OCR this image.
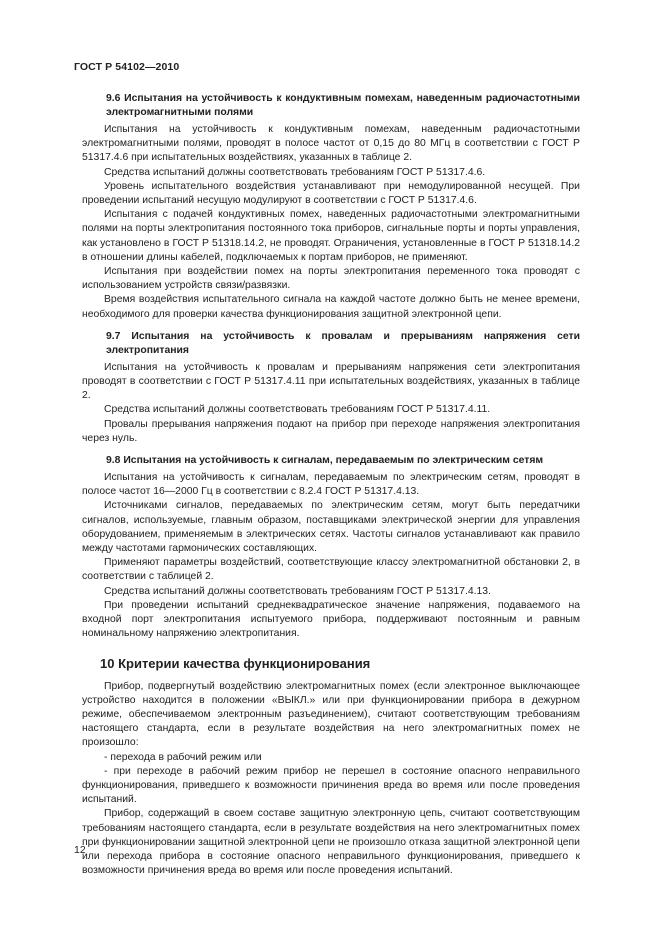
ГОСТ Р 54102—2010
9.6 Испытания на устойчивость к кондуктивным помехам, наведенным радиочастотными электромагнитными полями

Испытания на устойчивость к кондуктивным помехам, наведенным радиочастотными электромагнитными полями, проводят в полосе частот от 0,15 до 80 МГц в соответствии с ГОСТ Р 51317.4.6 при испытательных воздействиях, указанных в таблице 2.

Средства испытаний должны соответствовать требованиям ГОСТ Р 51317.4.6.

Уровень испытательного воздействия устанавливают при немодулированной несущей. При проведении испытаний несущую модулируют в соответствии с ГОСТ Р 51317.4.6.

Испытания с подачей кондуктивных помех, наведенных радиочастотными электромагнитными полями на порты электропитания постоянного тока приборов, сигнальные порты и порты управления, как установлено в ГОСТ Р 51318.14.2, не проводят. Ограничения, установленные в ГОСТ Р 51318.14.2 в отношении длины кабелей, подключаемых к портам приборов, не применяют.

Испытания при воздействии помех на порты электропитания переменного тока проводят с использованием устройств связи/развязки.

Время воздействия испытательного сигнала на каждой частоте должно быть не менее времени, необходимого для проверки качества функционирования защитной электронной цепи.

9.7 Испытания на устойчивость к провалам и прерываниям напряжения сети электропитания

Испытания на устойчивость к провалам и прерываниям напряжения сети электропитания проводят в соответствии с ГОСТ Р 51317.4.11 при испытательных воздействиях, указанных в таблице 2.

Средства испытаний должны соответствовать требованиям ГОСТ Р 51317.4.11.

Провалы прерывания напряжения подают на прибор при переходе напряжения электропитания через нуль.

9.8 Испытания на устойчивость к сигналам, передаваемым по электрическим сетям

Испытания на устойчивость к сигналам, передаваемым по электрическим сетям, проводят в полосе частот 16—2000 Гц в соответствии с 8.2.4 ГОСТ Р 51317.4.13.

Источниками сигналов, передаваемых по электрическим сетям, могут быть передатчики сигналов, используемые, главным образом, поставщиками электрической энергии для управления оборудованием, применяемым в электрических сетях. Частоты сигналов устанавливают как правило между частотами гармонических составляющих.

Применяют параметры воздействий, соответствующие классу электромагнитной обстановки 2, в соответствии с таблицей 2.

Средства испытаний должны соответствовать требованиям ГОСТ Р 51317.4.13.

При проведении испытаний среднеквадратическое значение напряжения, подаваемого на входной порт электропитания испытуемого прибора, поддерживают постоянным и равным номинальному напряжению электропитания.

10 Критерии качества функционирования

Прибор, подвергнутый воздействию электромагнитных помех (если электронное выключающее устройство находится в положении «ВЫКЛ.» или при функционировании прибора в дежурном режиме, обеспечиваемом электронным разъединением), считают соответствующим требованиям настоящего стандарта, если в результате воздействия на него электромагнитных помех не произошло:

- перехода в рабочий режим или

- при переходе в рабочий режим прибор не перешел в состояние опасного неправильного функционирования, приведшего к возможности причинения вреда во время или после проведения испытаний.

Прибор, содержащий в своем составе защитную электронную цепь, считают соответствующим требованиям настоящего стандарта, если в результате воздействия на него электромагнитных помех при функционировании защитной электронной цепи не произошло отказа защитной электронной цепи или перехода прибора в состояние опасного неправильного функционирования, приведшего к возможности причинения вреда во время или после проведения испытаний.

12
